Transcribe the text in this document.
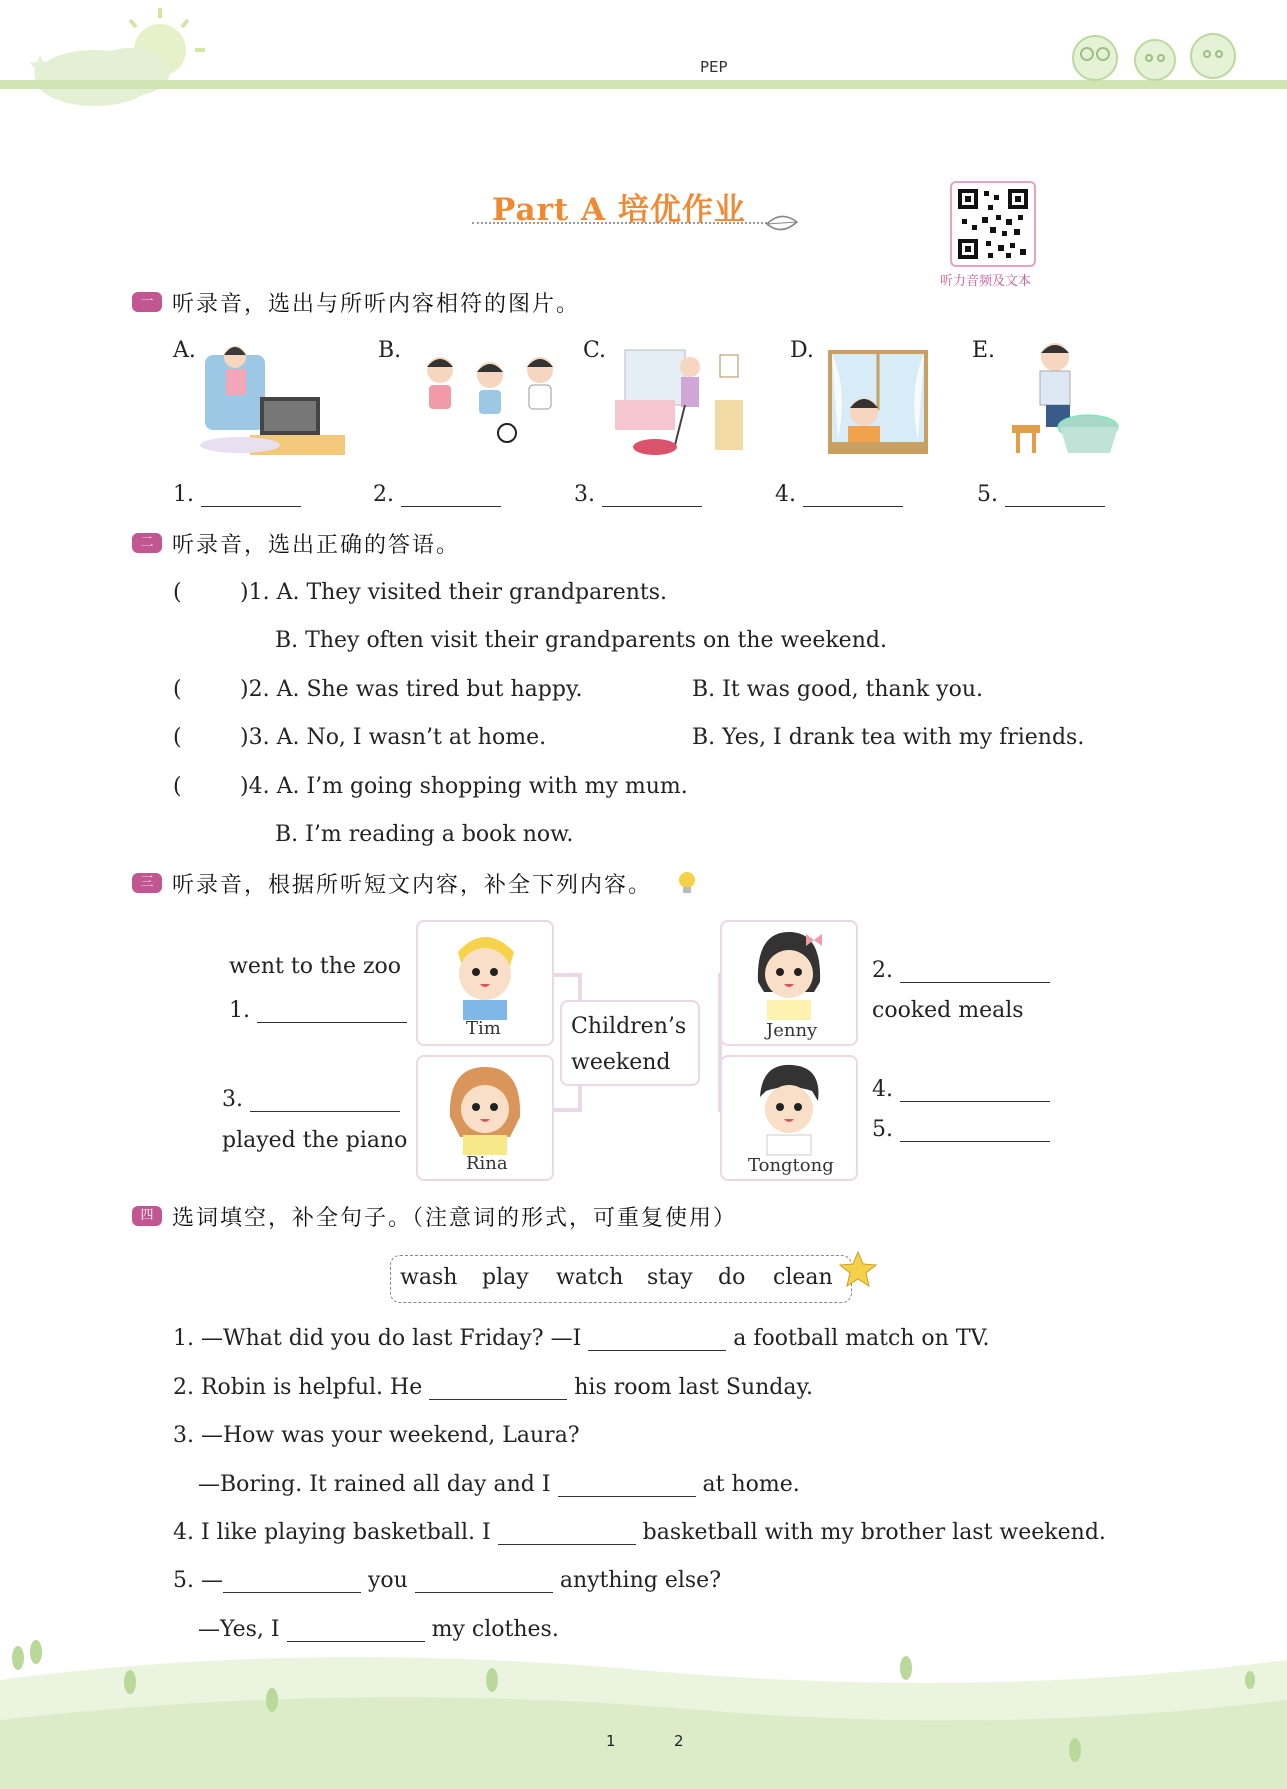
PEP
Part A 培优作业
听力音频及文本
一 听录音，选出与所听内容相符的图片。
A.	B.	C.	D.	E.
1.	2.	3.	4.	5.
二 听录音，选出正确的答语。
(	)1. A. They visited their grandparents.
B. They often visit their grandparents on the weekend.
(	)2. A. She was tired but happy.	B. It was good, thank you.
(	)3. A. No, I wasn’t at home.	B. Yes, I drank tea with my friends.
(	)4. A. I’m going shopping with my mum.
B. I’m reading a book now.
三 听录音，根据所听短文内容，补全下列内容。
Children’s
weekend
Tim
went to the zoo
1.
Rina
3.
played the piano
Jenny
2.
cooked meals
Tongtong
4.
5.
四 选词填空，补全句子。（注意词的形式，可重复使用）
wash play watch stay do clean
1. —What did you do last Friday? —I	a football match on TV.
2. Robin is helpful. He	his room last Sunday.
3. —How was your weekend, Laura?
—Boring. It rained all day and I	at home.
4. I like playing basketball. I	basketball with my brother last weekend.
5. —	you	anything else?
—Yes, I	my clothes.
1	2
